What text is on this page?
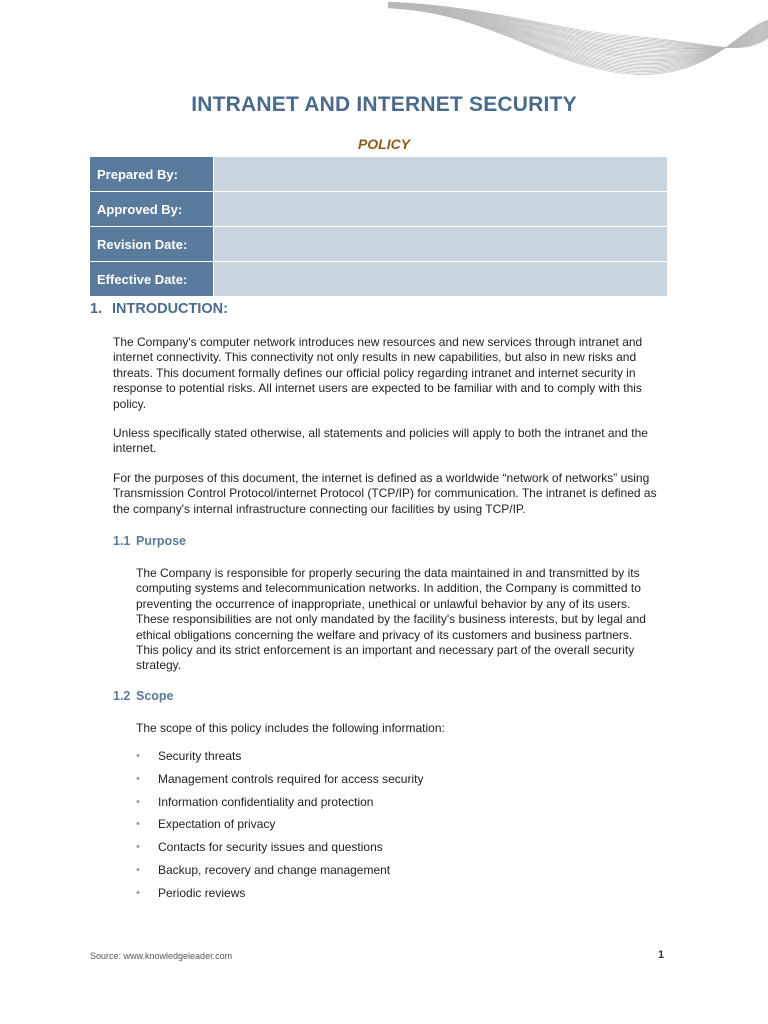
INTRANET AND INTERNET SECURITY
POLICY
Prepared By:	
Approved By:	
Revision Date:	
Effective Date:	
1. INTRODUCTION:

The Company's computer network introduces new resources and new services through intranet and internet connectivity. This connectivity not only results in new capabilities, but also in new risks and threats. This document formally defines our official policy regarding intranet and internet security in response to potential risks. All internet users are expected to be familiar with and to comply with this policy.

Unless specifically stated otherwise, all statements and policies will apply to both the intranet and the internet.

For the purposes of this document, the internet is defined as a worldwide “network of networks” using Transmission Control Protocol/internet Protocol (TCP/IP) for communication. The intranet is defined as the company's internal infrastructure connecting our facilities by using TCP/IP.

1.1 Purpose

The Company is responsible for properly securing the data maintained in and transmitted by its computing systems and telecommunication networks. In addition, the Company is committed to preventing the occurrence of inappropriate, unethical or unlawful behavior by any of its users. These responsibilities are not only mandated by the facility's business interests, but by legal and ethical obligations concerning the welfare and privacy of its customers and business partners. This policy and its strict enforcement is an important and necessary part of the overall security strategy.

1.2 Scope

The scope of this policy includes the following information:

• Security threats
• Management controls required for access security
• Information confidentiality and protection
• Expectation of privacy
• Contacts for security issues and questions
• Backup, recovery and change management
• Periodic reviews
Source: www.knowledgeleader.com	1
